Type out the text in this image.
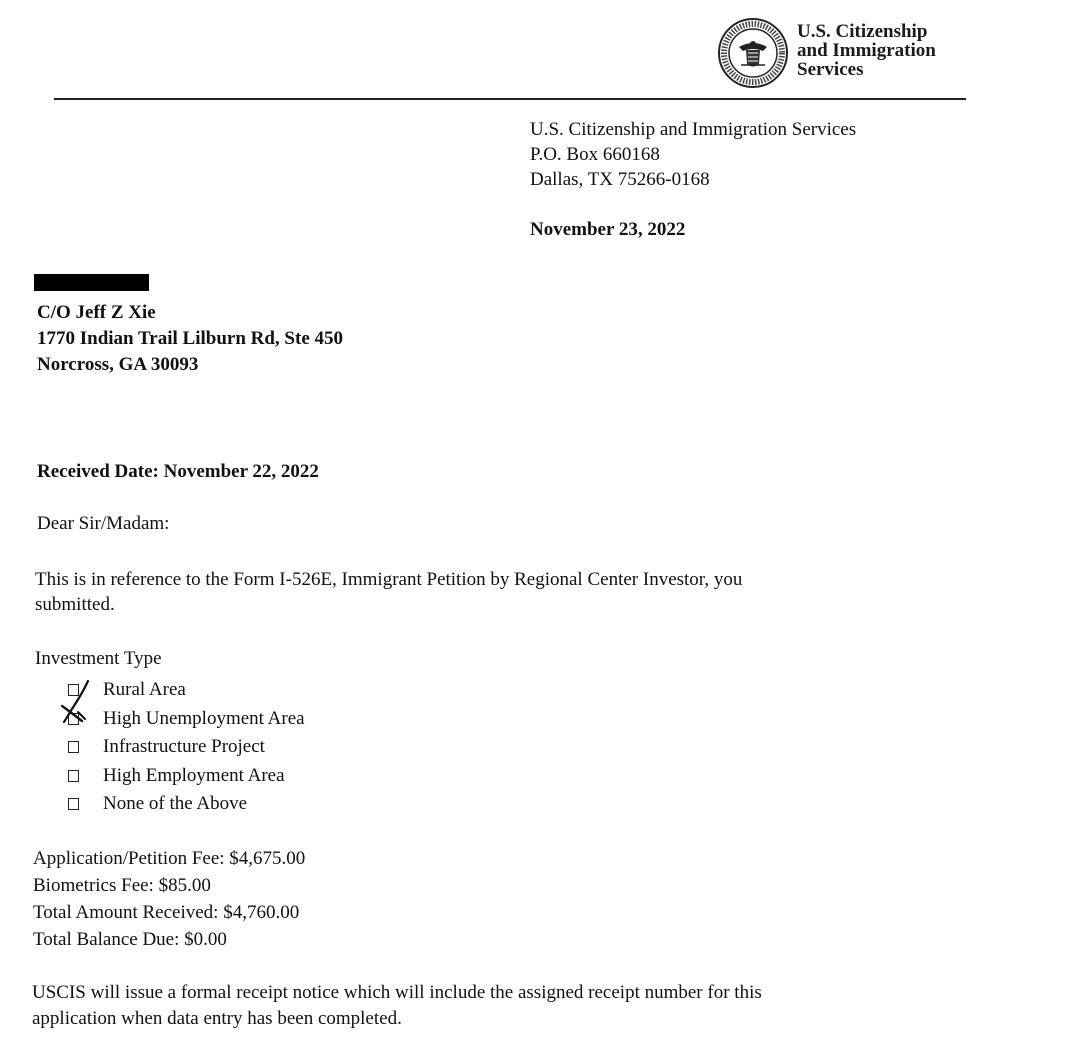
U.S. Citizenship
and Immigration
Services
U.S. Citizenship and Immigration Services
P.O. Box 660168
Dallas, TX 75266-0168
November 23, 2022
C/O Jeff Z Xie
1770 Indian Trail Lilburn Rd, Ste 450
Norcross, GA 30093
Received Date: November 22, 2022
Dear Sir/Madam:
This is in reference to the Form I-526E, Immigrant Petition by Regional Center Investor, you
submitted.
Investment Type
Rural Area
High Unemployment Area
Infrastructure Project
High Employment Area
None of the Above
Application/Petition Fee: $4,675.00
Biometrics Fee: $85.00
Total Amount Received: $4,760.00
Total Balance Due: $0.00
USCIS will issue a formal receipt notice which will include the assigned receipt number for this
application when data entry has been completed.
